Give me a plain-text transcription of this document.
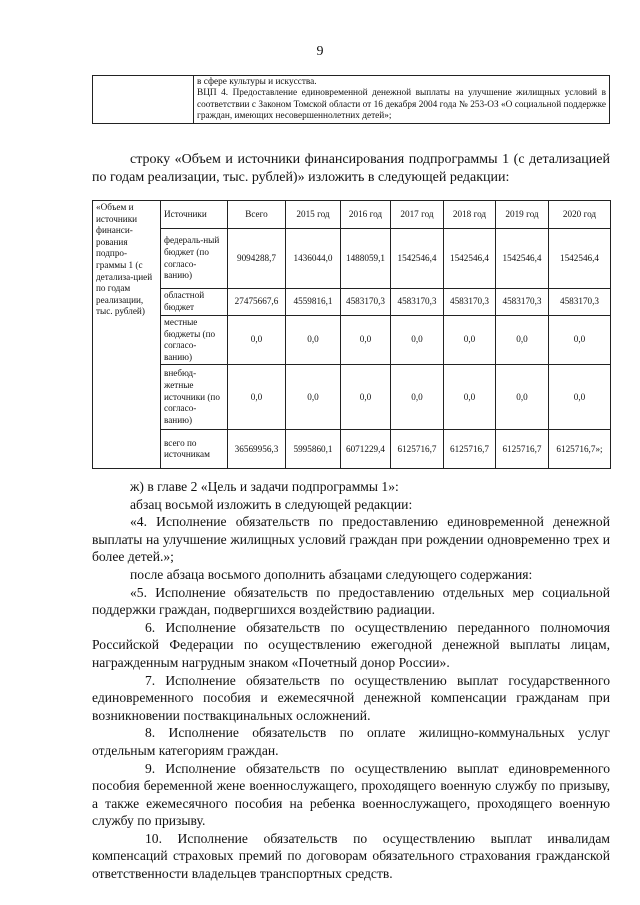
9

в сфере культуры и искусства.

ВЦП 4. Предоставление единовременной денежной выплаты на улучшение жилищных условий в соответствии с Законом Томской области от 16 декабря 2004 года № 253-ОЗ «О социальной поддержке граждан, имеющих несовершеннолетних детей»;

строку «Объем и источники финансирования подпрограммы 1 (с детализацией по годам реализации, тыс. рублей)» изложить в следующей редакции:

«Объем и источники финанси-рования подпро-граммы 1 (с детализа-цией по годам реализации, тыс. рублей)	Источники	Всего	2015 год	2016 год	2017 год	2018 год	2019 год	2020 год
	федераль-ный бюджет (по согласо-ванию)	9094288,7	1436044,0	1488059,1	1542546,4	1542546,4	1542546,4	1542546,4
	областной бюджет	27475667,6	4559816,1	4583170,3	4583170,3	4583170,3	4583170,3	4583170,3
	местные бюджеты (по согласо-ванию)	0,0	0,0	0,0	0,0	0,0	0,0	0,0
	внебюд-жетные источники (по согласо-ванию)	0,0	0,0	0,0	0,0	0,0	0,0	0,0
	всего по источникам	36569956,3	5995860,1	6071229,4	6125716,7	6125716,7	6125716,7	6125716,7»;

ж) в главе 2 «Цель и задачи подпрограммы 1»:

абзац восьмой изложить в следующей редакции:

«4. Исполнение обязательств по предоставлению единовременной денежной выплаты на улучшение жилищных условий граждан при рождении одновременно трех и более детей.»;

после абзаца восьмого дополнить абзацами следующего содержания:

«5. Исполнение обязательств по предоставлению отдельных мер социальной поддержки граждан, подвергшихся воздействию радиации.

6. Исполнение обязательств по осуществлению переданного полномочия Российской Федерации по осуществлению ежегодной денежной выплаты лицам, награжденным нагрудным знаком «Почетный донор России».

7. Исполнение обязательств по осуществлению выплат государственного единовременного пособия и ежемесячной денежной компенсации гражданам при возникновении поствакцинальных осложнений.

8. Исполнение обязательств по оплате жилищно-коммунальных услуг отдельным категориям граждан.

9. Исполнение обязательств по осуществлению выплат единовременного пособия беременной жене военнослужащего, проходящего военную службу по призыву, а также ежемесячного пособия на ребенка военнослужащего, проходящего военную службу по призыву.

10. Исполнение обязательств по осуществлению выплат инвалидам компенсаций страховых премий по договорам обязательного страхования гражданской ответственности владельцев транспортных средств.
